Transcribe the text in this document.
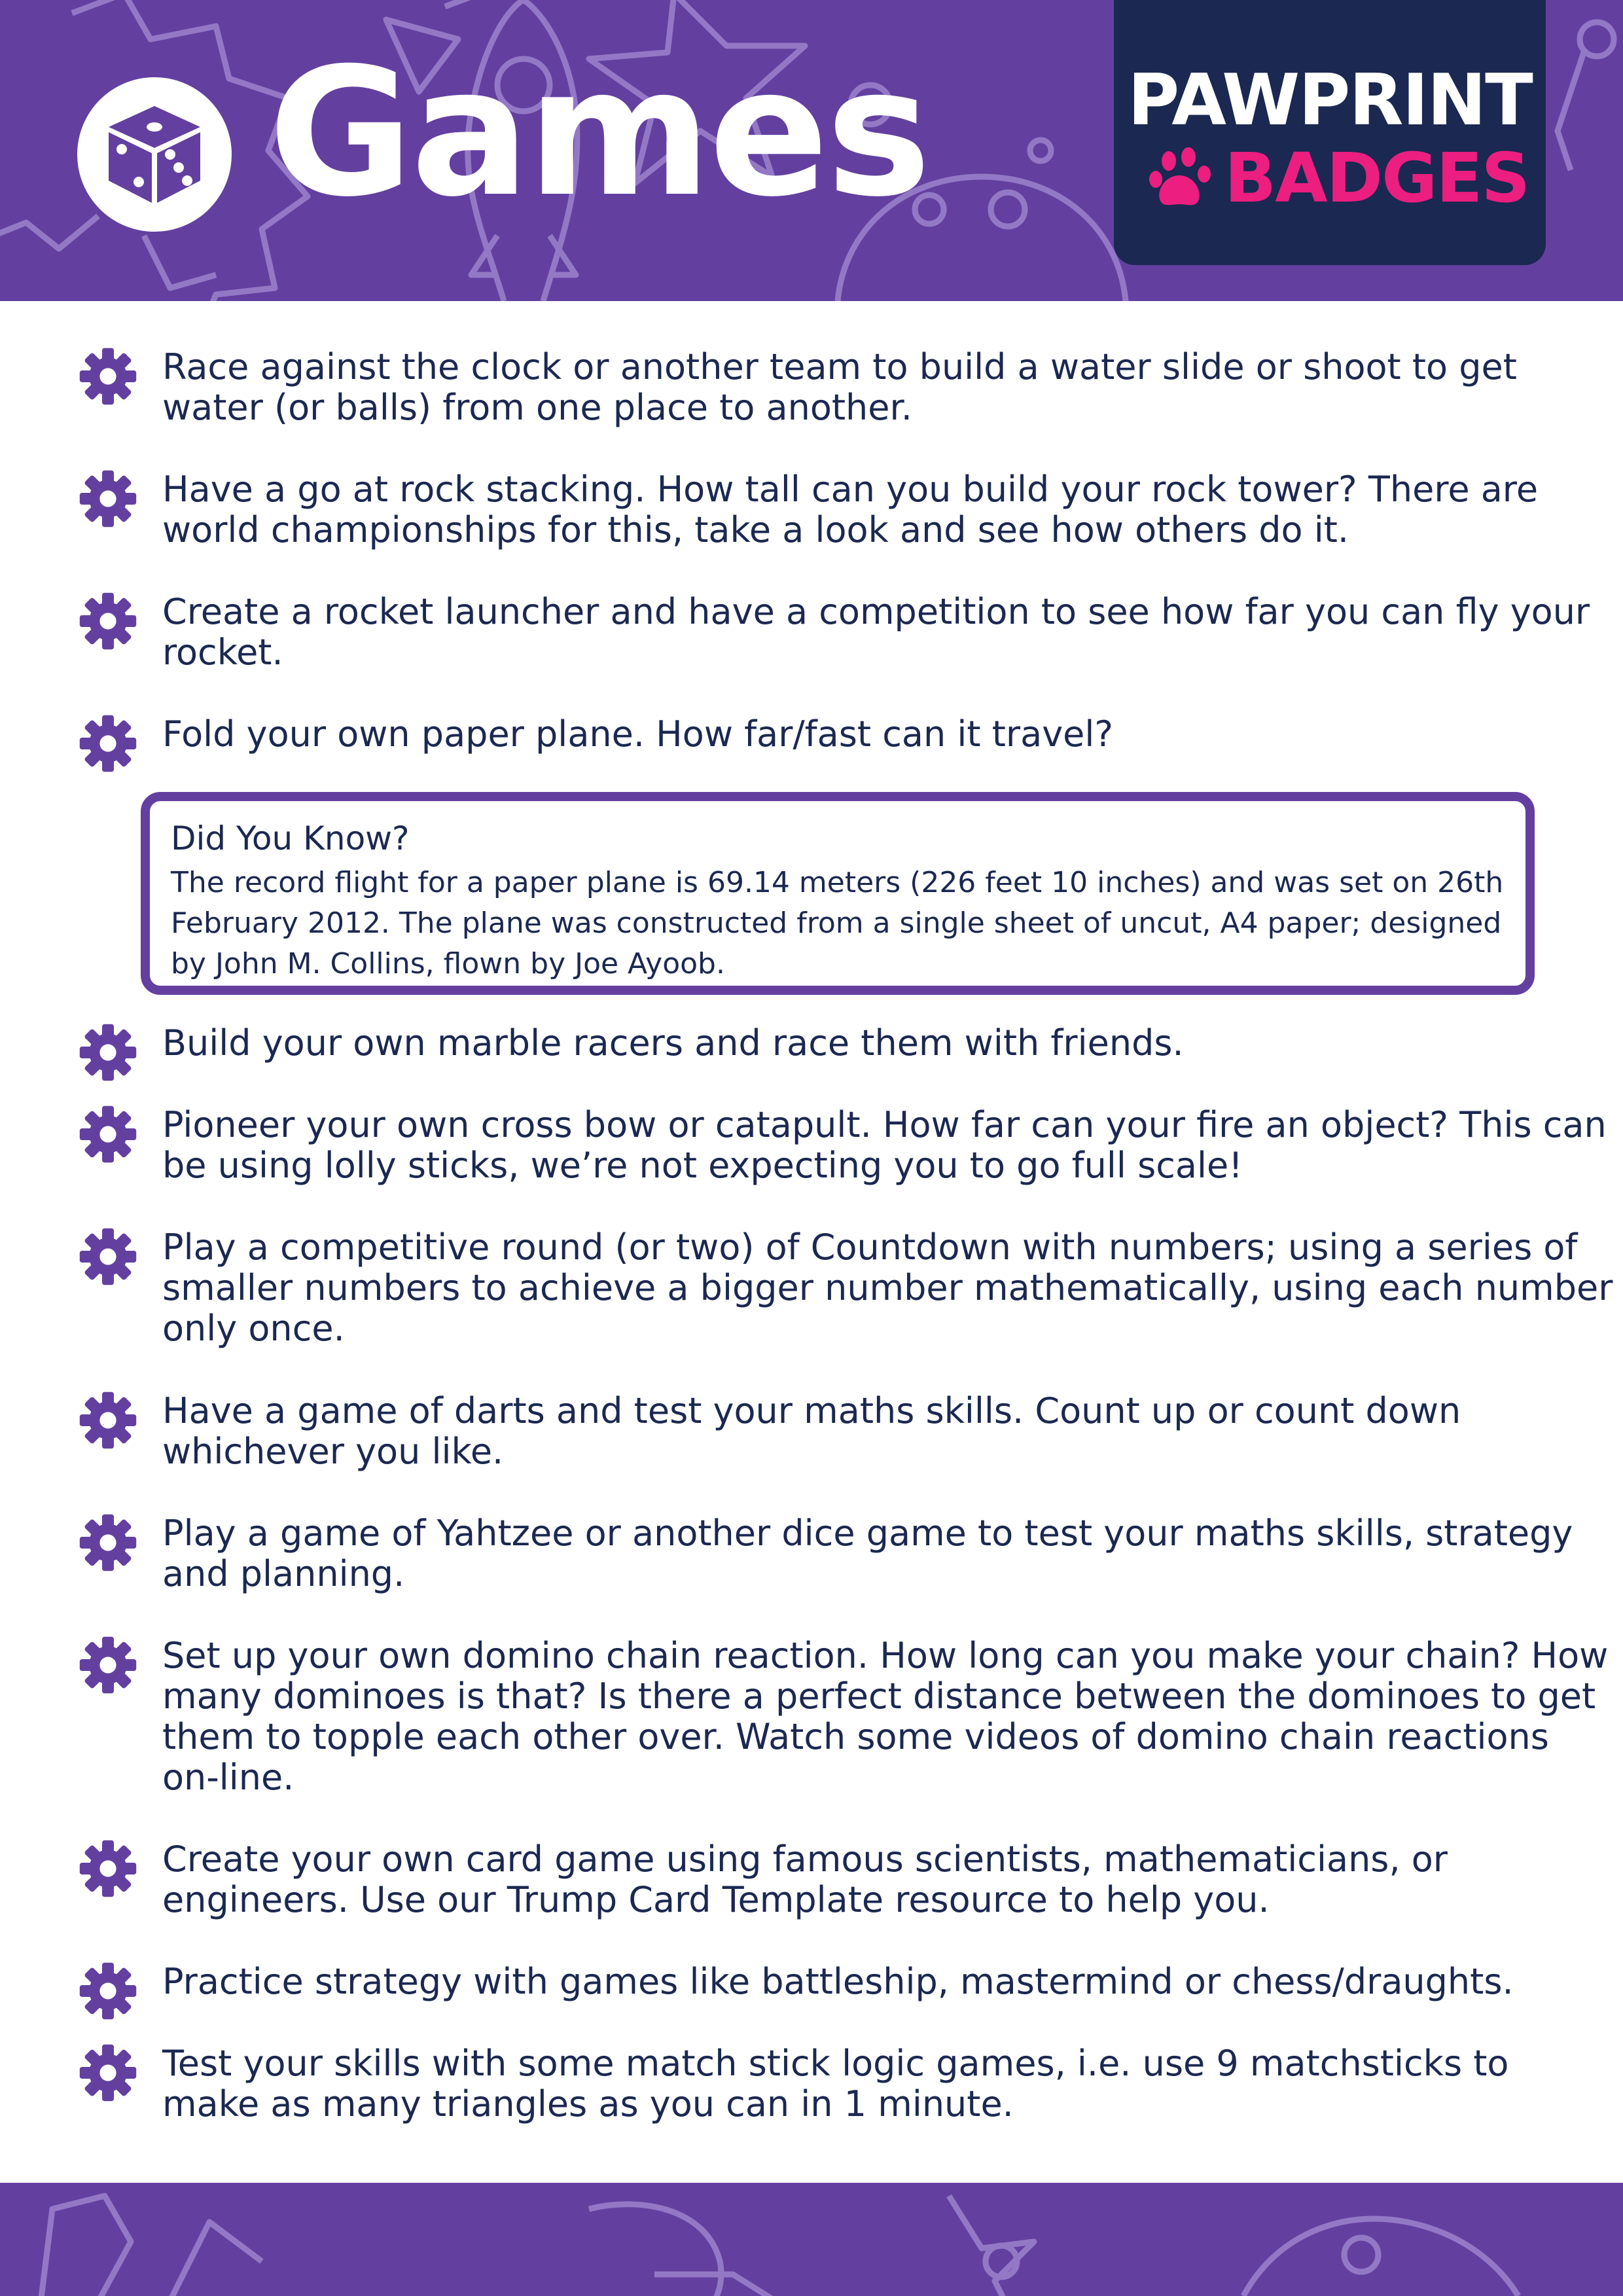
Games	PAWPRINT
BADGES

Race against the clock or another team to build a water slide or shoot to get water (or balls) from one place to another.

Have a go at rock stacking. How tall can you build your rock tower? There are world championships for this, take a look and see how others do it.

Create a rocket launcher and have a competition to see how far you can fly your rocket.

Fold your own paper plane. How far/fast can it travel?

Did You Know?

The record flight for a paper plane is 69.14 meters (226 feet 10 inches) and was set on 26th February 2012. The plane was constructed from a single sheet of uncut, A4 paper; designed by John M. Collins, flown by Joe Ayoob.

Build your own marble racers and race them with friends.

Pioneer your own cross bow or catapult. How far can your fire an object? This can be using lolly sticks, we’re not expecting you to go full scale!

Play a competitive round (or two) of Countdown with numbers; using a series of smaller numbers to achieve a bigger number mathematically, using each number only once.

Have a game of darts and test your maths skills. Count up or count down whichever you like.

Play a game of Yahtzee or another dice game to test your maths skills, strategy and planning.

Set up your own domino chain reaction. How long can you make your chain? How many dominoes is that? Is there a perfect distance between the dominoes to get them to topple each other over. Watch some videos of domino chain reactions on-line.

Create your own card game using famous scientists, mathematicians, or engineers. Use our Trump Card Template resource to help you.

Practice strategy with games like battleship, mastermind or chess/draughts.

Test your skills with some match stick logic games, i.e. use 9 matchsticks to make as many triangles as you can in 1 minute.
